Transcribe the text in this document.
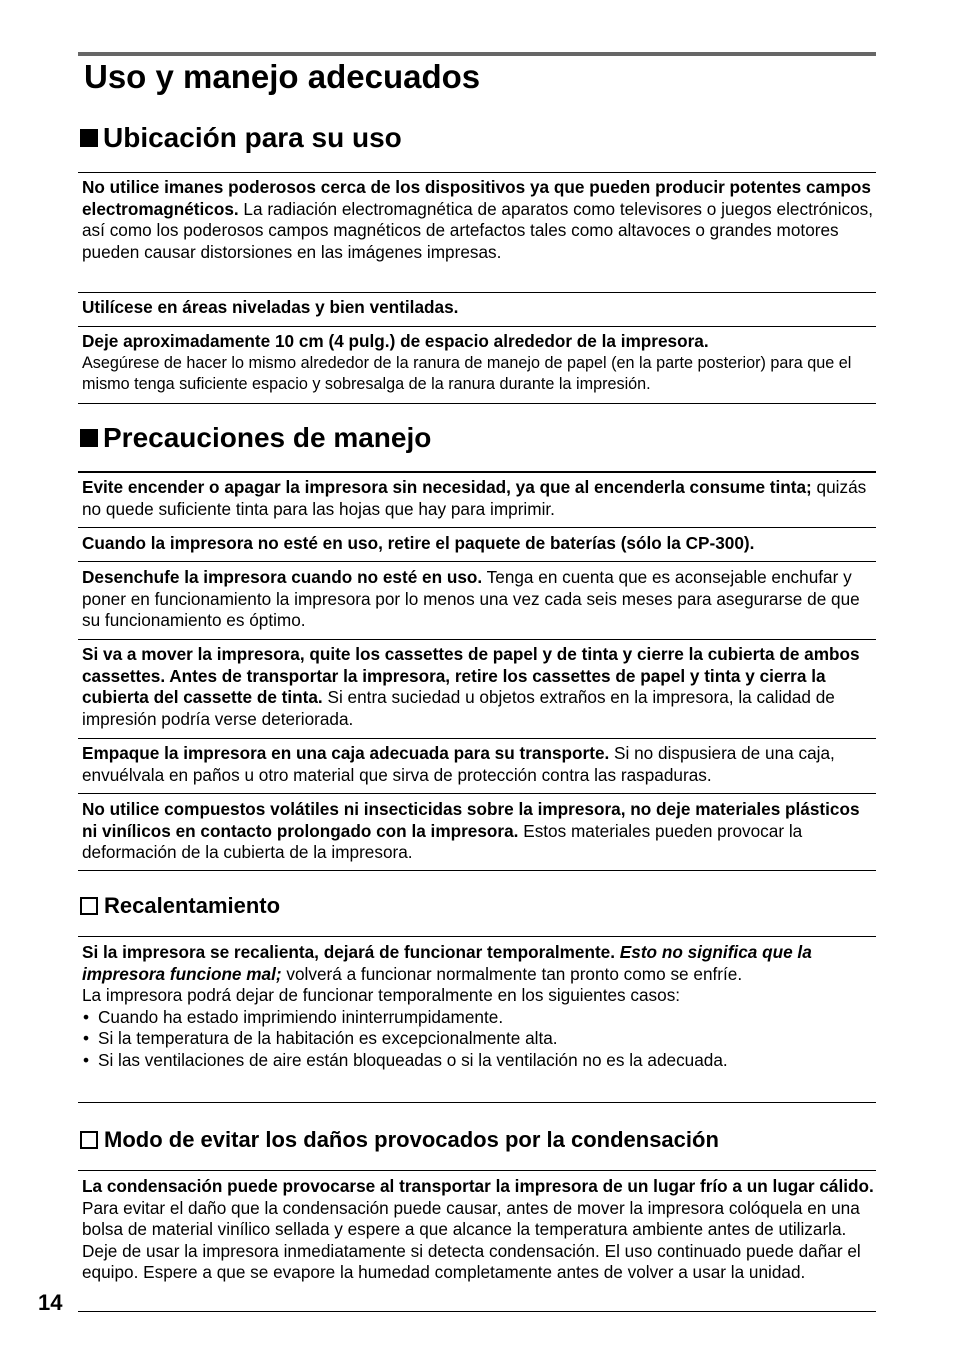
Uso y manejo adecuados
Ubicación para su uso

No utilice imanes poderosos cerca de los dispositivos ya que pueden producir potentes campos electromagnéticos. La radiación electromagnética de aparatos como televisores o juegos electrónicos, así como los poderosos campos magnéticos de artefactos tales como altavoces o grandes motores pueden causar distorsiones en las imágenes impresas.

Utilícese en áreas niveladas y bien ventiladas.

Deje aproximadamente 10 cm (4 pulg.) de espacio alrededor de la impresora.

Asegúrese de hacer lo mismo alrededor de la ranura de manejo de papel (en la parte posterior) para que el mismo tenga suficiente espacio y sobresalga de la ranura durante la impresión.

Precauciones de manejo

Evite encender o apagar la impresora sin necesidad, ya que al encenderla consume tinta; quizás no quede suficiente tinta para las hojas que hay para imprimir.

Cuando la impresora no esté en uso, retire el paquete de baterías (sólo la CP-300).

Desenchufe la impresora cuando no esté en uso. Tenga en cuenta que es aconsejable enchufar y poner en funcionamiento la impresora por lo menos una vez cada seis meses para asegurarse de que su funcionamiento es óptimo.

Si va a mover la impresora, quite los cassettes de papel y de tinta y cierre la cubierta de ambos cassettes. Antes de transportar la impresora, retire los cassettes de papel y tinta y cierra la cubierta del cassette de tinta. Si entra suciedad u objetos extraños en la impresora, la calidad de impresión podría verse deteriorada.

Empaque la impresora en una caja adecuada para su transporte. Si no dispusiera de una caja, envuélvala en paños u otro material que sirva de protección contra las raspaduras.

No utilice compuestos volátiles ni insecticidas sobre la impresora, no deje materiales plásticos ni vinílicos en contacto prolongado con la impresora. Estos materiales pueden provocar la deformación de la cubierta de la impresora.

Recalentamiento

Si la impresora se recalienta, dejará de funcionar temporalmente. Esto no significa que la impresora funcione mal; volverá a funcionar normalmente tan pronto como se enfríe.

La impresora podrá dejar de funcionar temporalmente en los siguientes casos:

• Cuando ha estado imprimiendo ininterrumpidamente.
• Si la temperatura de la habitación es excepcionalmente alta.
• Si las ventilaciones de aire están bloqueadas o si la ventilación no es la adecuada.
Modo de evitar los daños provocados por la condensación

La condensación puede provocarse al transportar la impresora de un lugar frío a un lugar cálido. Para evitar el daño que la condensación puede causar, antes de mover la impresora colóquela en una bolsa de material vinílico sellada y espere a que alcance la temperatura ambiente antes de utilizarla. Deje de usar la impresora inmediatamente si detecta condensación. El uso continuado puede dañar el equipo. Espere a que se evapore la humedad completamente antes de volver a usar la unidad.

14
